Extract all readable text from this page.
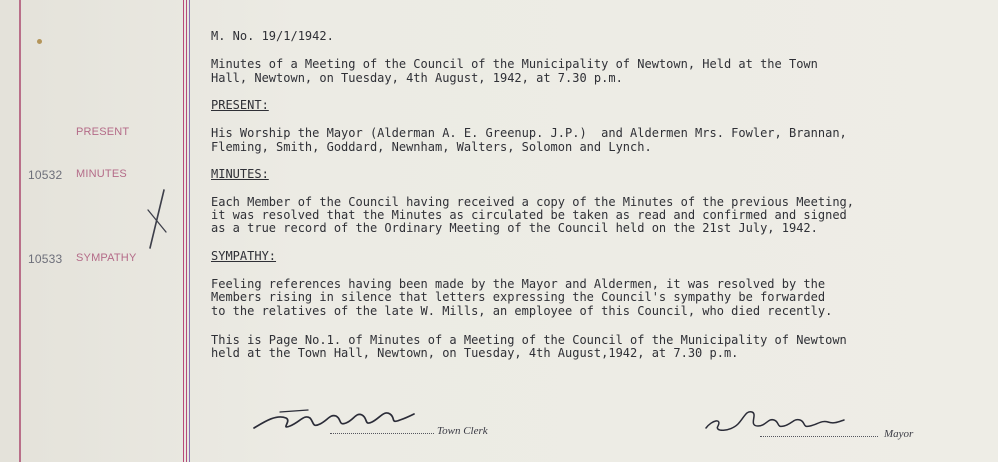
PRESENT
10532 MINUTES
10533 SYMPATHY
M. No. 19/1/1942.
Minutes of a Meeting of the Council of the Municipality of Newtown, Held at the Town
Hall, Newtown, on Tuesday, 4th August, 1942, at 7.30 p.m.
PRESENT:
His Worship the Mayor (Alderman A. E. Greenup. J.P.)  and Aldermen Mrs. Fowler, Brannan,
Fleming, Smith, Goddard, Newnham, Walters, Solomon and Lynch.
MINUTES:
Each Member of the Council having received a copy of the Minutes of the previous Meeting,
it was resolved that the Minutes as circulated be taken as read and confirmed and signed
as a true record of the Ordinary Meeting of the Council held on the 21st July, 1942.
SYMPATHY:
Feeling references having been made by the Mayor and Aldermen, it was resolved by the
Members rising in silence that letters expressing the Council's sympathy be forwarded
to the relatives of the late W. Mills, an employee of this Council, who died recently.
This is Page No.1. of Minutes of a Meeting of the Council of the Municipality of Newtown
held at the Town Hall, Newtown, on Tuesday, 4th August,1942, at 7.30 p.m.
Town Clerk	Mayor
